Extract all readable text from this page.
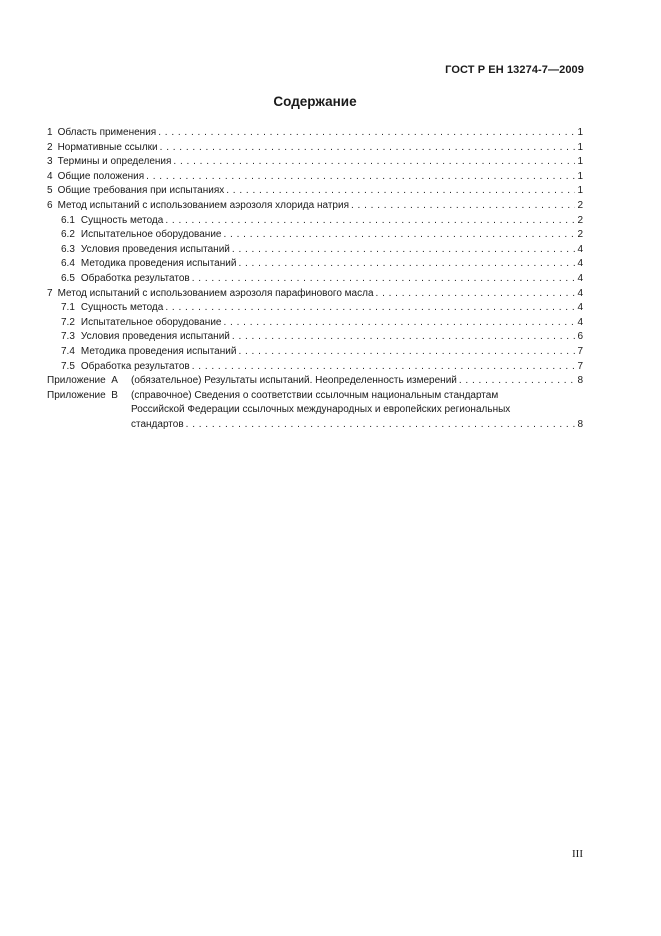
ГОСТ Р ЕН 13274-7—2009
Содержание
1 Область применения . . .	1
2 Нормативные ссылки . . .	1
3 Термины и определения . . .	1
4 Общие положения . . .	1
5 Общие требования при испытаниях . . .	1
6 Метод испытаний с использованием аэрозоля хлорида натрия . . .	2
6.1 Сущность метода . . .	2
6.2 Испытательное оборудование . . .	2
6.3 Условия проведения испытаний . . .	4
6.4 Методика проведения испытаний . . .	4
6.5 Обработка результатов . . .	4
7 Метод испытаний с использованием аэрозоля парафинового масла . . .	4
7.1 Сущность метода . . .	4
7.2 Испытательное оборудование . . .	4
7.3 Условия проведения испытаний . . .	6
7.4 Методика проведения испытаний . . .	7
7.5 Обработка результатов . . .	7
Приложение  А	(обязательное) Результаты испытаний. Неопределенность измерений . . .	8
Приложение  В	(справочное) Сведения о соответствии ссылочным национальным стандартам
Российской Федерации ссылочных международных и европейских региональных
стандартов . . .	8
III
